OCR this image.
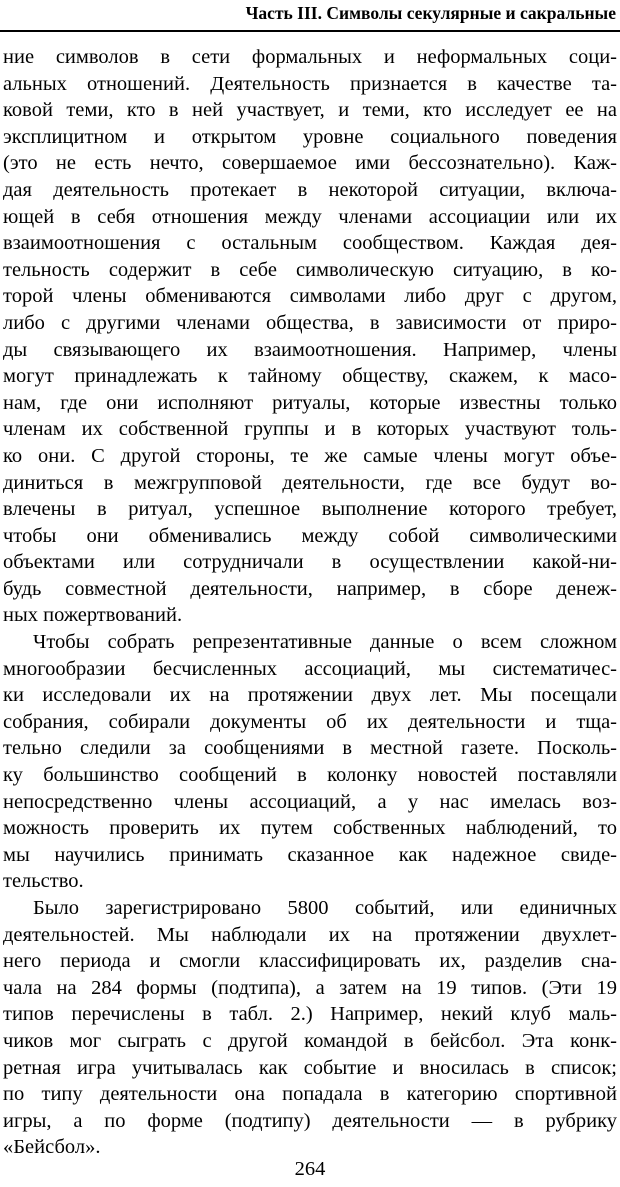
Часть III. Символы секулярные и сакральные
ние символов в сети формальных и неформальных соци-
альных отношений. Деятельность признается в качестве та-
ковой теми, кто в ней участвует, и теми, кто исследует ее на
эксплицитном и открытом уровне социального поведения
(это не есть нечто, совершаемое ими бессознательно). Каж-
дая деятельность протекает в некоторой ситуации, включа-
ющей в себя отношения между членами ассоциации или их
взаимоотношения с остальным сообществом. Каждая дея-
тельность содержит в себе символическую ситуацию, в ко-
торой члены обмениваются символами либо друг с другом,
либо с другими членами общества, в зависимости от приро-
ды связывающего их взаимоотношения. Например, члены
могут принадлежать к тайному обществу, скажем, к масо-
нам, где они исполняют ритуалы, которые известны только
членам их собственной группы и в которых участвуют толь-
ко они. С другой стороны, те же самые члены могут объе-
диниться в межгрупповой деятельности, где все будут во-
влечены в ритуал, успешное выполнение которого требует,
чтобы они обменивались между собой символическими
объектами или сотрудничали в осуществлении какой-ни-
будь совместной деятельности, например, в сборе денеж-
ных пожертвований.
Чтобы собрать репрезентативные данные о всем сложном
многообразии бесчисленных ассоциаций, мы систематичес-
ки исследовали их на протяжении двух лет. Мы посещали
собрания, собирали документы об их деятельности и тща-
тельно следили за сообщениями в местной газете. Посколь-
ку большинство сообщений в колонку новостей поставляли
непосредственно члены ассоциаций, а у нас имелась воз-
можность проверить их путем собственных наблюдений, то
мы научились принимать сказанное как надежное свиде-
тельство.
Было зарегистрировано 5800 событий, или единичных
деятельностей. Мы наблюдали их на протяжении двухлет-
него периода и смогли классифицировать их, разделив сна-
чала на 284 формы (подтипа), а затем на 19 типов. (Эти 19
типов перечислены в табл. 2.) Например, некий клуб маль-
чиков мог сыграть с другой командой в бейсбол. Эта конк-
ретная игра учитывалась как событие и вносилась в список;
по типу деятельности она попадала в категорию спортивной
игры, а по форме (подтипу) деятельности — в рубрику
«Бейсбол».
264
